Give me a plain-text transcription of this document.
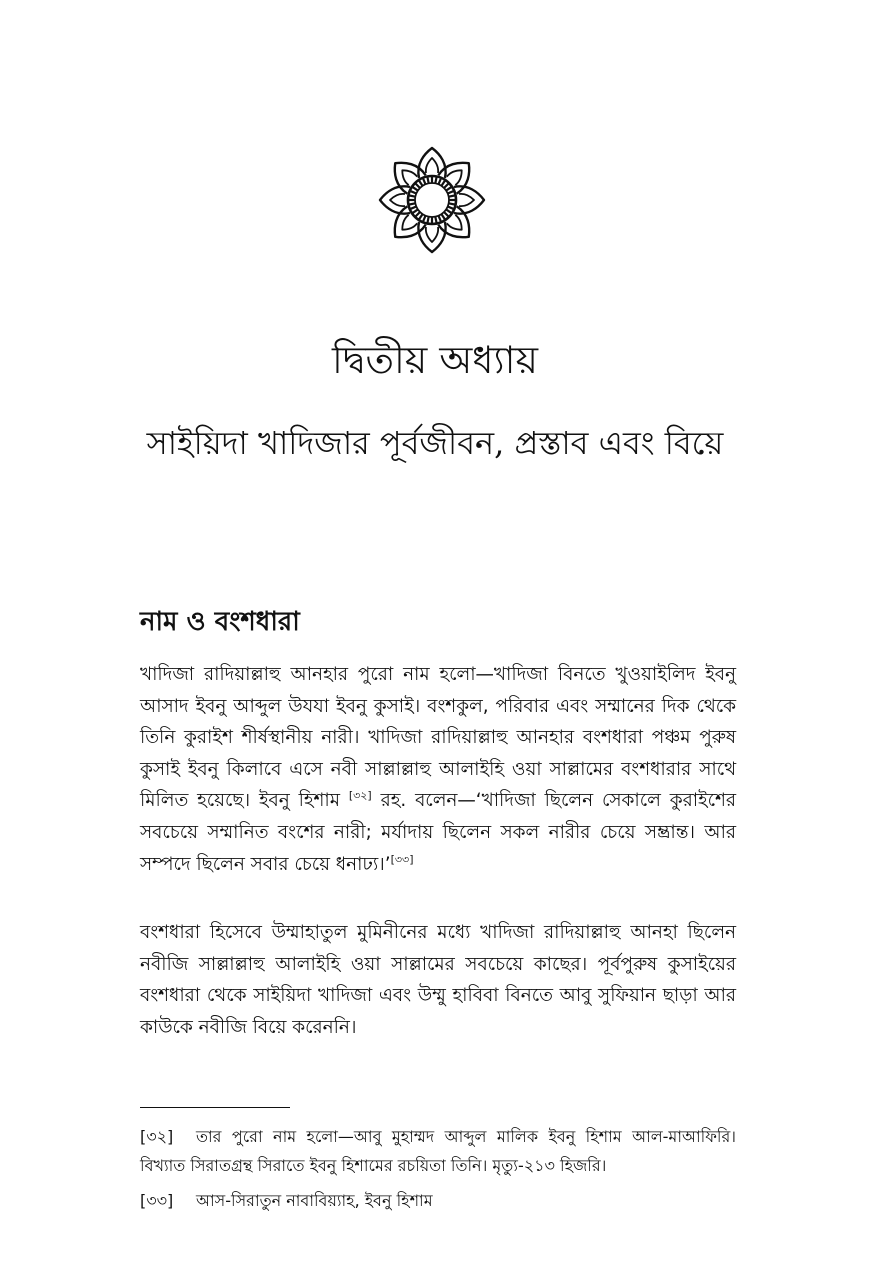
দ্বিতীয় অধ্যায়
সাইয়িদা খাদিজার পূর্বজীবন, প্রস্তাব এবং বিয়ে
নাম ও বংশধারা

খাদিজা রাদিয়াল্লাহু আনহার পুরো নাম হলো—খাদিজা বিনতে খুওয়াইলিদ ইবনু আসাদ ইবনু আব্দুল উযযা ইবনু কুসাই। বংশকুল, পরিবার এবং সম্মানের দিক থেকে তিনি কুরাইশ শীর্ষস্থানীয় নারী। খাদিজা রাদিয়াল্লাহু আনহার বংশধারা পঞ্চম পুরুষ কুসাই ইবনু কিলাবে এসে নবী সাল্লাল্লাহু আলাইহি ওয়া সাল্লামের বংশধারার সাথে মিলিত হয়েছে। ইবনু হিশাম [৩২] রহ. বলেন—‘খাদিজা ছিলেন সেকালে কুরাইশের সবচেয়ে সম্মানিত বংশের নারী; মর্যাদায় ছিলেন সকল নারীর চেয়ে সম্ভ্রান্ত। আর সম্পদে ছিলেন সবার চেয়ে ধনাঢ্য।’[৩৩]

বংশধারা হিসেবে উম্মাহাতুল মুমিনীনের মধ্যে খাদিজা রাদিয়াল্লাহু আনহা ছিলেন নবীজি সাল্লাল্লাহু আলাইহি ওয়া সাল্লামের সবচেয়ে কাছের। পূর্বপুরুষ কুসাইয়ের বংশধারা থেকে সাইয়িদা খাদিজা এবং উম্মু হাবিবা বিনতে আবু সুফিয়ান ছাড়া আর কাউকে নবীজি বিয়ে করেননি।

[৩২] তার পুরো নাম হলো—আবু মুহাম্মদ আব্দুল মালিক ইবনু হিশাম আল-মাআফিরি। বিখ্যাত সিরাতগ্রন্থ সিরাতে ইবনু হিশামের রচয়িতা তিনি। মৃত্যু-২১৩ হিজরি।

[৩৩] আস-সিরাতুন নাবাবিয়্যাহ, ইবনু হিশাম
